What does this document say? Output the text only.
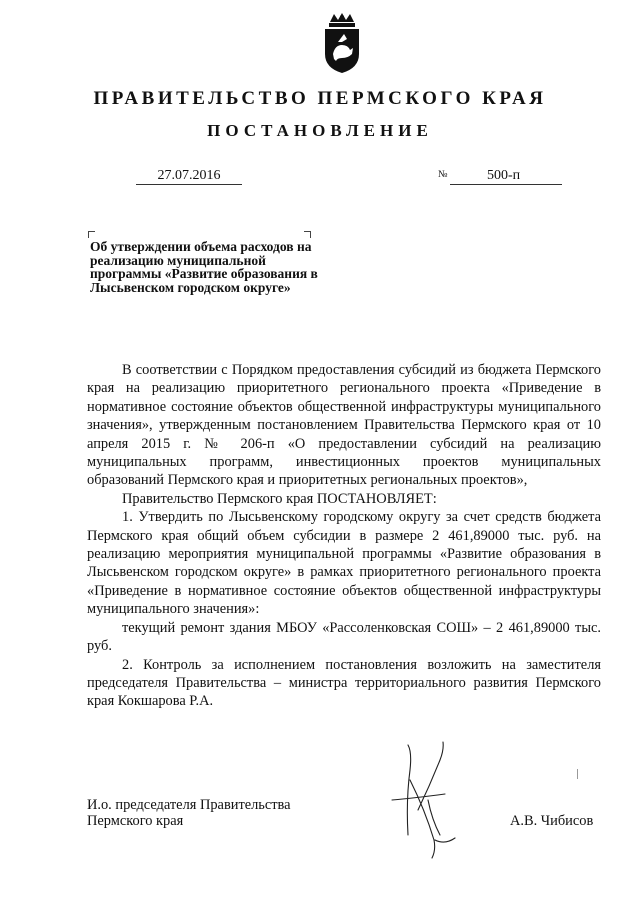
ПРАВИТЕЛЬСТВО ПЕРМСКОГО КРАЯ
ПОСТАНОВЛЕНИЕ
27.07.2016	№	500-п
Об утверждении объема расходов на реализацию муниципальной программы «Развитие образования в Лысьвенском городском округе»

В соответствии с Порядком предоставления субсидий из бюджета Пермского края на реализацию приоритетного регионального проекта «Приведение в нормативное состояние объектов общественной инфраструктуры муниципального значения», утвержденным постановлением Правительства Пермского края от 10 апреля 2015 г. № 206-п «О предоставлении субсидий на реализацию муниципальных программ, инвестиционных проектов муниципальных образований Пермского края и приоритетных региональных проектов»,

Правительство Пермского края ПОСТАНОВЛЯЕТ:

1. Утвердить по Лысьвенскому городскому округу за счет средств бюджета Пермского края общий объем субсидии в размере 2 461,89000 тыс. руб. на реализацию мероприятия муниципальной программы «Развитие образования в Лысьвенском городском округе» в рамках приоритетного регионального проекта «Приведение в нормативное состояние объектов общественной инфраструктуры муниципального значения»:

текущий ремонт здания МБОУ «Рассоленковская СОШ» – 2 461,89000 тыс. руб.

2. Контроль за исполнением постановления возложить на заместителя председателя Правительства – министра территориального развития Пермского края Кокшарова Р.А.

И.о. председателя Правительства
Пермского края	А.В. Чибисов
